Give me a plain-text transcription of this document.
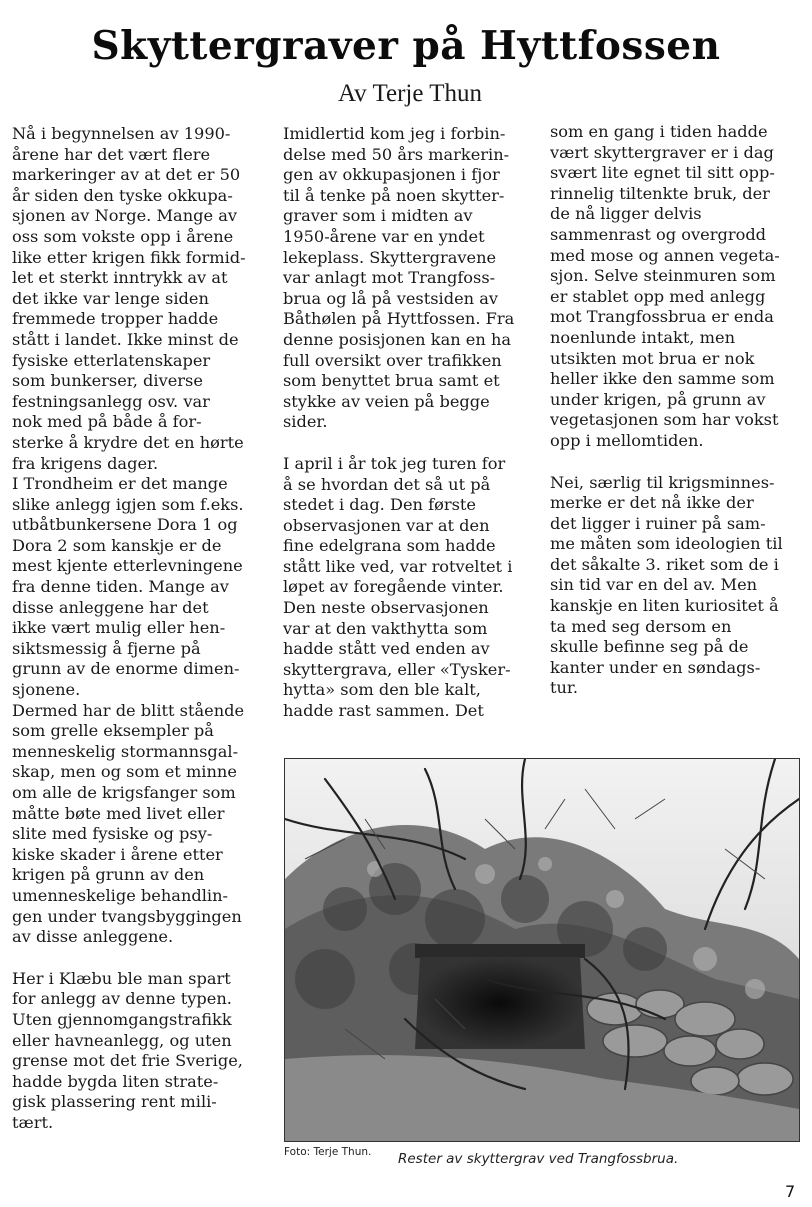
Skyttergraver på Hyttfossen
Av Terje Thun
Nå i begynnelsen av 1990-
årene har det vært flere
markeringer av at det er 50
år siden den tyske okkupa-
sjonen av Norge. Mange av
oss som vokste opp i årene
like etter krigen fikk formid-
let et sterkt inntrykk av at
det ikke var lenge siden
fremmede tropper hadde
stått i landet. Ikke minst de
fysiske etterlatenskaper
som bunkerser, diverse
festningsanlegg osv. var
nok med på både å for-
sterke å krydre det en hørte
fra krigens dager.
I Trondheim er det mange
slike anlegg igjen som f.eks.
utbåtbunkersene Dora 1 og
Dora 2 som kanskje er de
mest kjente etterlevningene
fra denne tiden. Mange av
disse anleggene har det
ikke vært mulig eller hen-
siktsmessig å fjerne på
grunn av de enorme dimen-
sjonene.
Dermed har de blitt stående
som grelle eksempler på
menneskelig stormannsgal-
skap, men og som et minne
om alle de krigsfanger som
måtte bøte med livet eller
slite med fysiske og psy-
kiske skader i årene etter
krigen på grunn av den
umenneskelige behandlin-
gen under tvangsbyggingen
av disse anleggene.
Her i Klæbu ble man spart
for anlegg av denne typen.
Uten gjennomgangstrafikk
eller havneanlegg, og uten
grense mot det frie Sverige,
hadde bygda liten strate-
gisk plassering rent mili-
tært.
Imidlertid kom jeg i forbin-
delse med 50 års markerin-
gen av okkupasjonen i fjor
til å tenke på noen skytter-
graver som i midten av
1950-årene var en yndet
lekeplass. Skyttergravene
var anlagt mot Trangfoss-
brua og lå på vestsiden av
Båthølen på Hyttfossen. Fra
denne posisjonen kan en ha
full oversikt over trafikken
som benyttet brua samt et
stykke av veien på begge
sider.
I april i år tok jeg turen for
å se hvordan det så ut på
stedet i dag. Den første
observasjonen var at den
fine edelgrana som hadde
stått like ved, var rotveltet i
løpet av foregående vinter.
Den neste observasjonen
var at den vakthytta som
hadde stått ved enden av
skyttergrava, eller «Tysker-
hytta» som den ble kalt,
hadde rast sammen. Det
som en gang i tiden hadde
vært skyttergraver er i dag
svært lite egnet til sitt opp-
rinnelig tiltenkte bruk, der
de nå ligger delvis
sammenrast og overgrodd
med mose og annen vegeta-
sjon. Selve steinmuren som
er stablet opp med anlegg
mot Trangfossbrua er enda
noenlunde intakt, men
utsikten mot brua er nok
heller ikke den samme som
under krigen, på grunn av
vegetasjonen som har vokst
opp i mellomtiden.
Nei, særlig til krigsminnes-
merke er det nå ikke der
det ligger i ruiner på sam-
me måten som ideologien til
det såkalte 3. riket som de i
sin tid var en del av. Men
kanskje en liten kuriositet å
ta med seg dersom en
skulle befinne seg på de
kanter under en søndags-
tur.
Foto: Terje Thun. Rester av skyttergrav ved Trangfossbrua.
7
